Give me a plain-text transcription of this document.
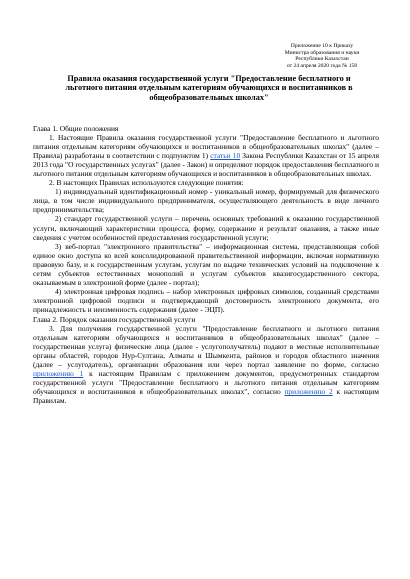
Приложение 10 к Приказу
Министра образования и науки
Республики Казахстан
от 24 апреля 2020 года № 158
Правила оказания государственной услуги "Предоставление бесплатного и льготного питания отдельным категориям обучающихся и воспитанников в общеобразовательных школах"

Глава 1. Общие положения

1. Настоящие Правила оказания государственной услуги "Предоставление бесплатного и льготного питания отдельным категориям обучающихся и воспитанников в общеобразовательных школах" (далее – Правила) разработаны в соответствии с подпунктом 1) статьи 10 Закона Республики Казахстан от 15 апреля 2013 года "О государственных услугах" (далее - Закон) и определяют порядок предоставления бесплатного и льготного питания отдельным категориям обучающихся и воспитанников в общеобразовательных школах.

2. В настоящих Правилах используются следующие понятия:

1) индивидуальный идентификационный номер - уникальный номер, формируемый для физического лица, в том числе индивидуального предпринимателя, осуществляющего деятельность в виде личного предпринимательства;

2) стандарт государственной услуги – перечень основных требований к оказанию государственной услуги, включающий характеристики процесса, форму, содержание и результат оказания, а также иные сведения с учетом особенностей предоставления государственной услуги;

3) веб-портал "электронного правительства" – информационная система, представляющая собой единое окно доступа ко всей консолидированной правительственной информации, включая нормативную правовую базу, и к государственным услугам, услугам по выдаче технических условий на подключение к сетям субъектов естественных монополий и услугам субъектов квазигосударственного сектора, оказываемым в электронной форме (далее - портал);

4) электронная цифровая подпись – набор электронных цифровых символов, созданный средствами электронной цифровой подписи и подтверждающий достоверность электронного документа, его принадлежность и неизменность содержания (далее - ЭЦП).

Глава 2. Порядок оказания государственной услуги

3. Для получения государственной услуги "Предоставление бесплатного и льготного питания отдельным категориям обучающихся и воспитанников в общеобразовательных школах" (далее – государственная услуга) физические лица (далее - услугополучатель) подают в местные исполнительные органы областей, городов Нур-Султана, Алматы и Шымкента, районов и городов областного значения (далее – услугодатель), организации образования или через портал заявление по форме, согласно приложению 1 к настоящим Правилам с приложением документов, предусмотренных стандартом государственной услуги "Предоставление бесплатного и льготного питания отдельным категориям обучающихся и воспитанников в общеобразовательных школах", согласно приложению 2 к настоящим Правилам.
